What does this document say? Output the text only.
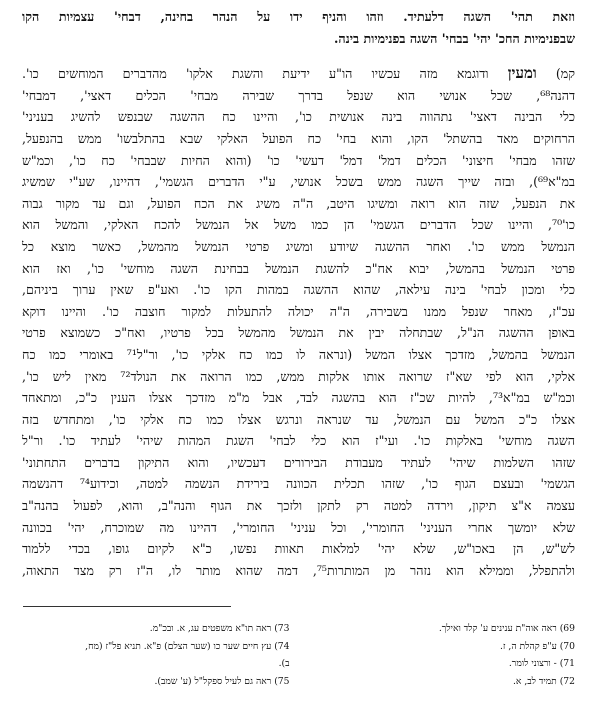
וזאת תהי' השגה דלעתיד. וזהו והניף ידו על הנהר בחינה, דבחי' עצמיות הקו
שבפנימיות החכ' יהי' בבחי' השגה בפנימיות בינה.
קמ) ומעין ודוגמא מזה עכשיו הו"ע ידיעת והשגת אלקו' מהדברים המוחשים כו'.
דהנה⁶⁸, שכל אנושי הוא שנפל בדרך שבירה מבחי' הכלים דאצי', דמבחי'
כלי הבינה דאצי' נתהווה בינה אנושית כו', והיינו כח ההשגה שבנפש להשיג בעניני'
הרחוקים מאד בהשתל' הקו, והוא בחי' כח הפועל האלקי שבא בהתלבשו' ממש בהנפעל,
שזהו מבחי' חיצוני' הכלים דמל' דמל' דעשי' כו' (והוא החיות שבבחי' כח כו', וכמ"ש
במ"א⁶⁹), ובזה שייך השגה ממש בשכל אנושי, ע"י הדברים הגשמי', דהיינו, שע"י שמשיג
את הנפעל, שזה הוא רואה ומשיגו היטב, ה"ה משיג את הכח הפועל, וגם עד מקור גבוה
כו'⁷⁰, והיינו שכל הדברים הגשמי' הן כמו משל אל הנמשל להכח האלקי, והמשל הוא
הנמשל ממש כו'. ואחר ההשגה שיודע ומשיג פרטי הנמשל מהמשל, כאשר מוצא כל
פרטי הנמשל בהמשל, יבוא אח"כ להשגת הנמשל בבחינת השגה מוחשי' כו', ואז הוא
כלי ומכון לבחי' בינה עילאה, שהוא ההשגה במהות הקו כו'. ואע"פ שאין ערוך ביניהם,
עכ"ז, מאחר שנפל ממנו בשבירה, ה"ה יכולה להתעלות למקור חוצבה כו'. והיינו דוקא
באופן ההשגה הנ"ל, שבתחלה יבין את הנמשל מהמשל בכל פרטיו, ואח"כ כשמוצא פרטי
הנמשל בהמשל, מזדכך אצלו המשל (ונראה לו כמו כח אלקי כו', ור"ל⁷¹ באומרי כמו כח
אלקי, הוא לפי שא"ז שרואה אותו אלקות ממש, כמו הרואה את הנולד⁷² מאין ליש כו',
וכמ"ש במ"א⁷³, להיות שכ"ז הוא בהשגה לבד, אבל מ"מ מזדכך אצלו הענין כ"כ, ומתאחד
אצלו כ"כ המשל עם הנמשל, עד שנראה ונרגש אצלו כמו כח אלקי כו', ומתחדש בזה
השגה מוחשי' באלקות כו'. ועי"ז הוא כלי לבחי' השגת המהות שיהי' לעתיד כו'. ור"ל
שזהו השלמות שיהי' לעתיד מעבודת הבירורים דעכשיו, והוא התיקון בדברים התחתוני'
הגשמי' ובעצם הגוף כו', שזהו תכלית הכוונה בירידת הנשמה למטה, וכידוע⁷⁴ דהנשמה
עצמה א"צ תיקון, וירדה למטה רק לתקן ולזכך את הגוף והנה"ב, והוא, לפעול בהנה"ב
שלא יומשך אחרי העניני' החומרי', וכל עניני' החומרי', דהיינו מה שמוכרח, יהי' בכוונה
לש"ש, הן באכו"ש, שלא יהי' למלאות תאוות נפשו, כ"א לקיום גופו, בכדי ללמוד
ולהתפלל, וממילא הוא נזהר מן המותרות⁷⁵, דמה שהוא מותר לו, ה"ז רק מצד התאוה,
69) ראה אוה"ת ענינים ע' קלד ואילך.
70) ע"פ קהלת ה, ז.
71) - ורצוני לומר.
72) תמיד לב, א.
73) ראה תו"א משפטים עג, א. ובכ"מ.
74) עץ חיים שער כו (שער הצלם) פ"א. תניא פל"ז (מח,
ב).
75) ראה גם לעיל ספקל"ל (ע' שמב).
